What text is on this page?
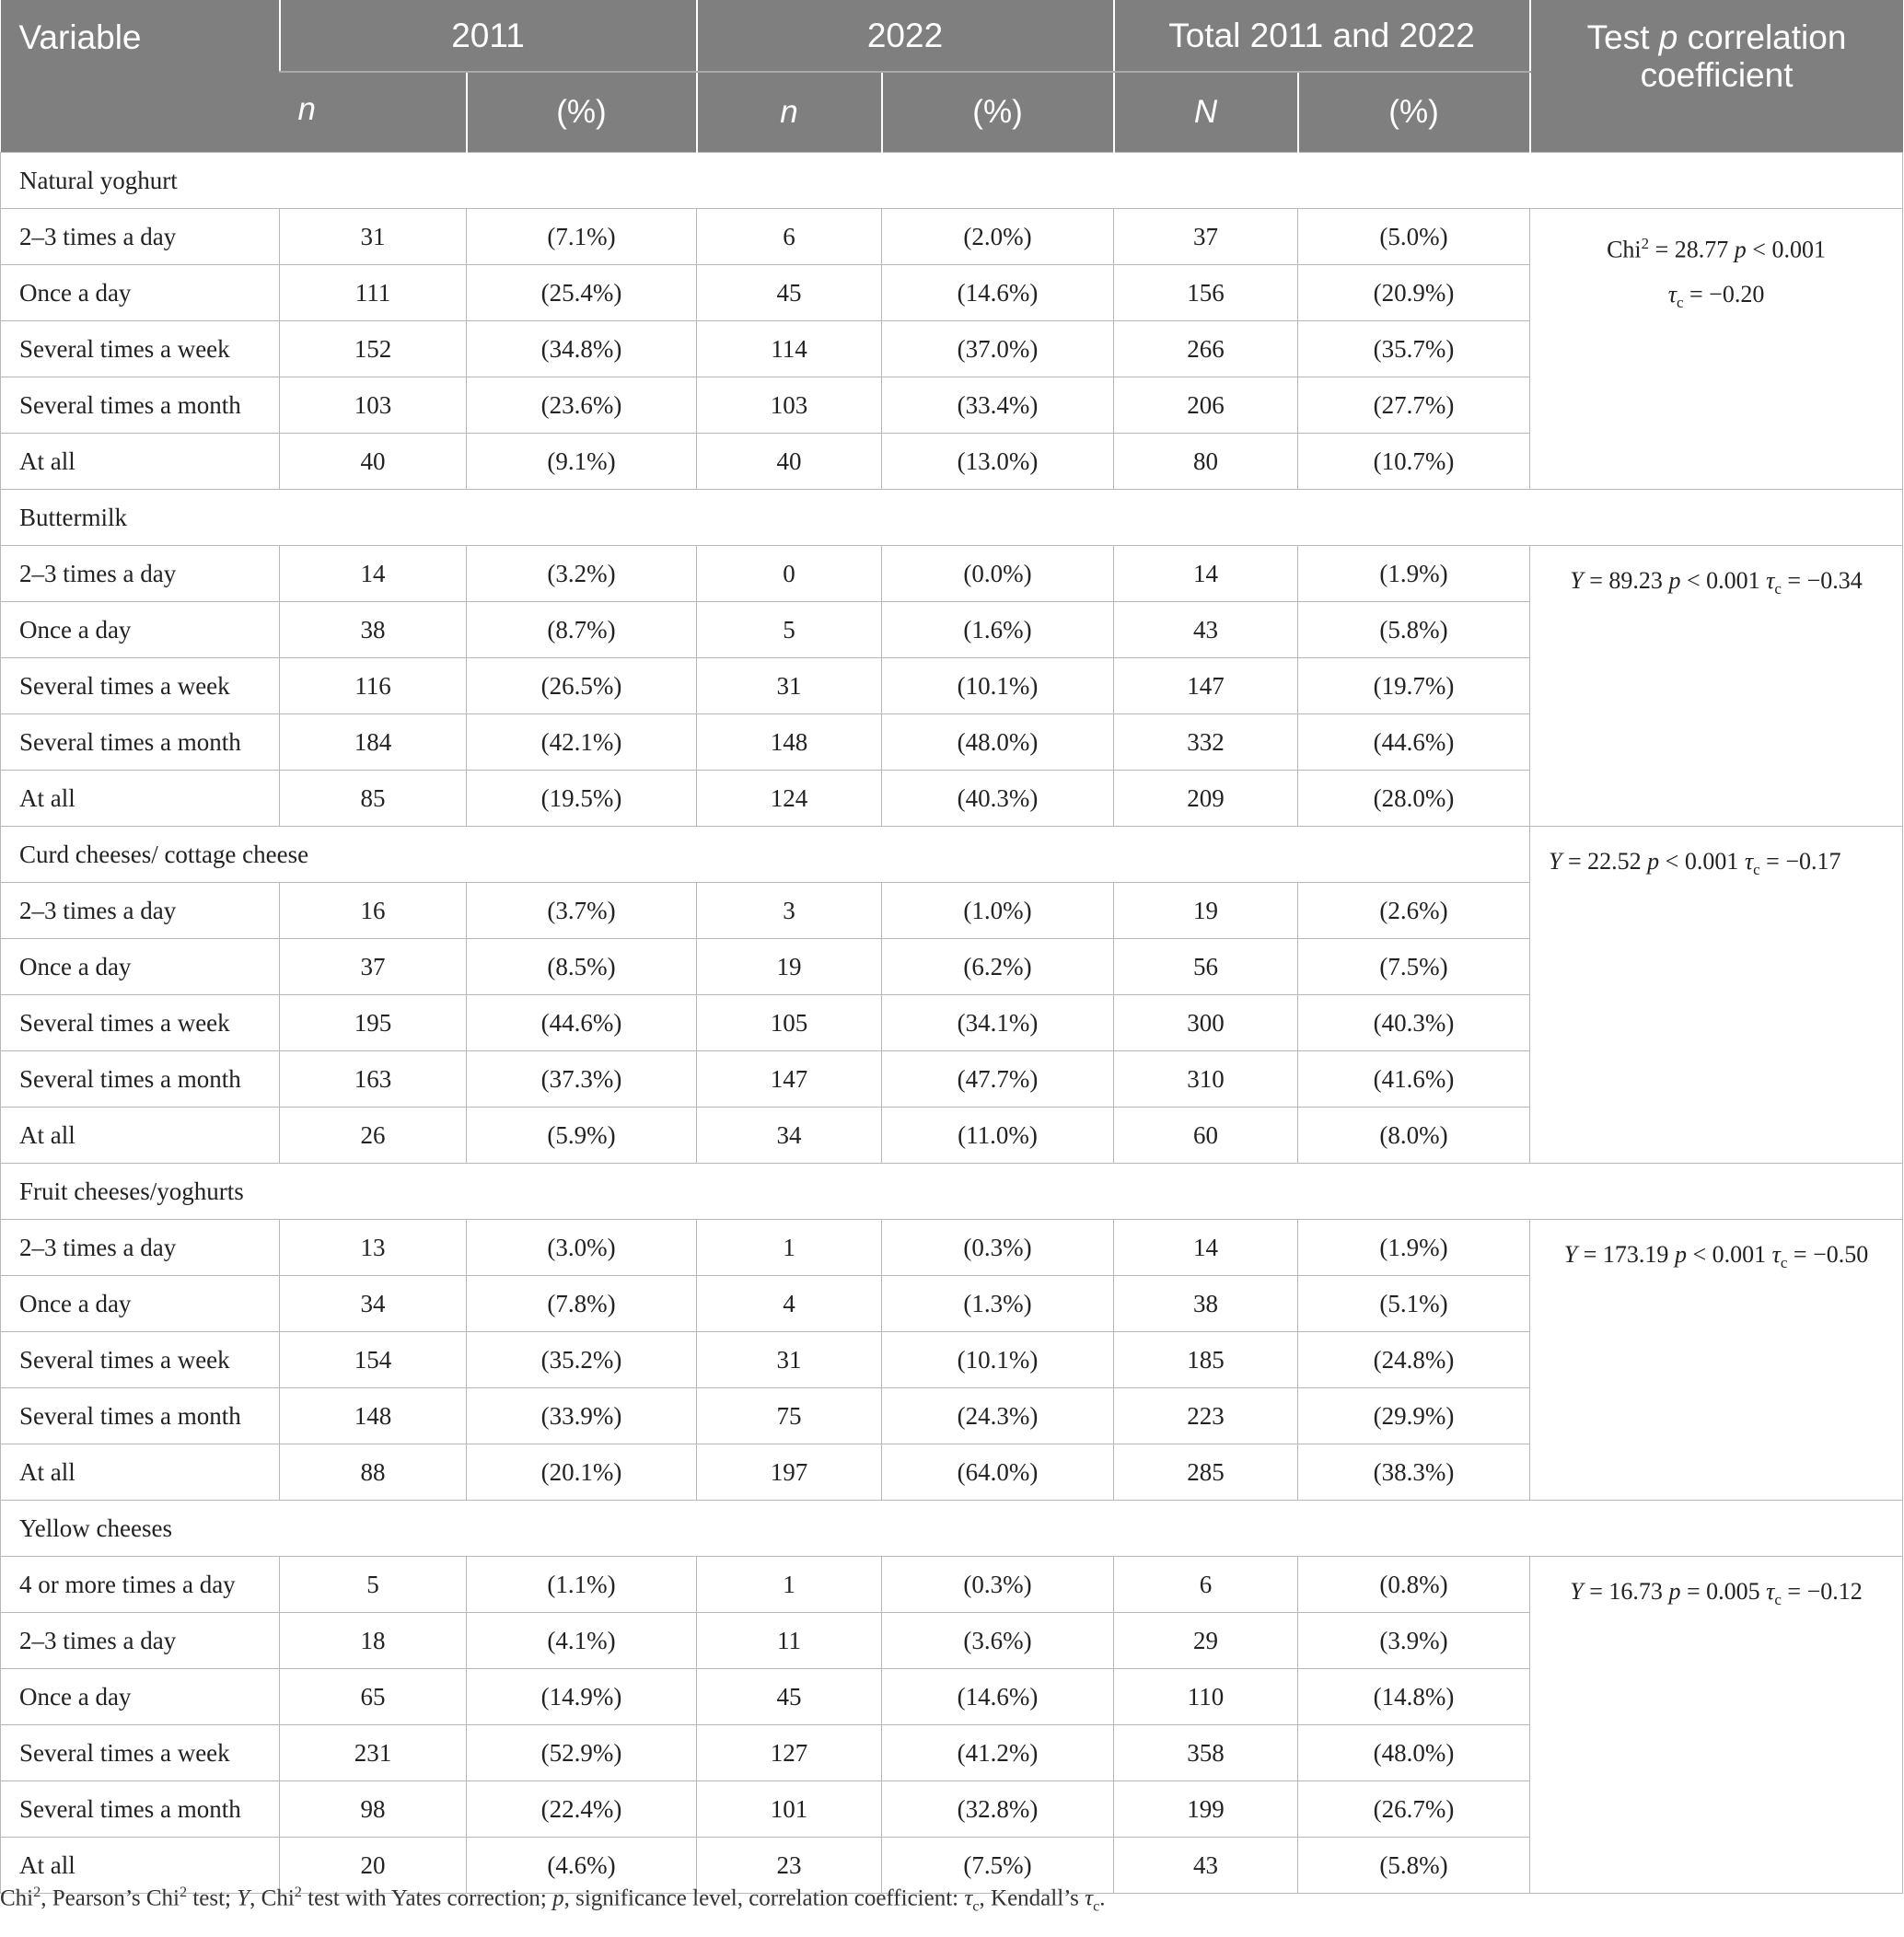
Variable	2011		2022		Total 2011 and 2022		Test p correlation coefficient
	n	(%)	n	(%)	N	(%)	
Natural yoghurt							
2–3 times a day	31	(7.1%)	6	(2.0%)	37	(5.0%)	Chi$^2$ = 28.77 p < 0.001
$\tau_c = -0.20$

Once a day	111	(25.4%)	45	(14.6%)	156	(20.9%)	
Several times a week	152	(34.8%)	114	(37.0%)	266	(35.7%)	
Several times a month	103	(23.6%)	103	(33.4%)	206	(27.7%)	
At all	40	(9.1%)	40	(13.0%)	80	(10.7%)	
Buttermilk							
2–3 times a day	14	(3.2%)	0	(0.0%)	14	(1.9%)	Y = 89.23 p < 0.001 $\tau_c = -0.34$

Once a day	38	(8.7%)	5	(1.6%)	43	(5.8%)	
Several times a week	116	(26.5%)	31	(10.1%)	147	(19.7%)	
Several times a month	184	(42.1%)	148	(48.0%)	332	(44.6%)	
At all	85	(19.5%)	124	(40.3%)	209	(28.0%)	
Curd cheeses/ cottage cheese							Y = 22.52 p < 0.001 $\tau_c = -0.17$

2–3 times a day	16	(3.7%)	3	(1.0%)	19	(2.6%)	
Once a day	37	(8.5%)	19	(6.2%)	56	(7.5%)	
Several times a week	195	(44.6%)	105	(34.1%)	300	(40.3%)	
Several times a month	163	(37.3%)	147	(47.7%)	310	(41.6%)	
At all	26	(5.9%)	34	(11.0%)	60	(8.0%)	
Fruit cheeses/yoghurts							
2–3 times a day	13	(3.0%)	1	(0.3%)	14	(1.9%)	Y = 173.19 p < 0.001 $\tau_c = -0.50$

Once a day	34	(7.8%)	4	(1.3%)	38	(5.1%)	
Several times a week	154	(35.2%)	31	(10.1%)	185	(24.8%)	
Several times a month	148	(33.9%)	75	(24.3%)	223	(29.9%)	
At all	88	(20.1%)	197	(64.0%)	285	(38.3%)	
Yellow cheeses							
4 or more times a day	5	(1.1%)	1	(0.3%)	6	(0.8%)	Y = 16.73 p = 0.005 $\tau_c = -0.12$

2–3 times a day	18	(4.1%)	11	(3.6%)	29	(3.9%)	
Once a day	65	(14.9%)	45	(14.6%)	110	(14.8%)	
Several times a week	231	(52.9%)	127	(41.2%)	358	(48.0%)	
Several times a month	98	(22.4%)	101	(32.8%)	199	(26.7%)	
At all	20	(4.6%)	23	(7.5%)	43	(5.8%)	
Chi$^2$, Pearson’s Chi$^2$ test; Y, Chi$^2$ test with Yates correction; p, significance level, correlation coefficient: $\tau_c$, Kendall’s $\tau_c$.
